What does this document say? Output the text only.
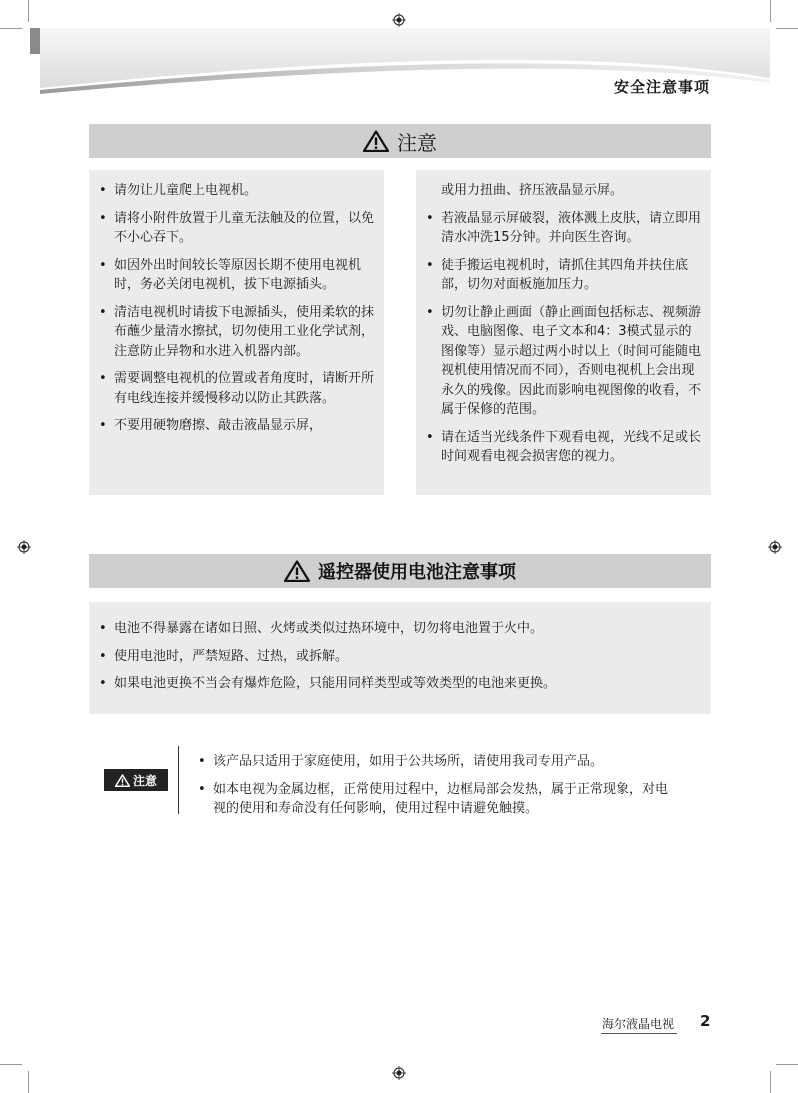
安全注意事项
注意
• 请勿让儿童爬上电视机。
• 请将小附件放置于儿童无法触及的位置，以免不小心吞下。
• 如因外出时间较长等原因长期不使用电视机时，务必关闭电视机，拔下电源插头。
• 清洁电视机时请拔下电源插头，使用柔软的抹布蘸少量清水擦拭，切勿使用工业化学试剂，注意防止异物和水进入机器内部。
• 需要调整电视机的位置或者角度时，请断开所有电线连接并缓慢移动以防止其跌落。
• 不要用硬物磨擦、敲击液晶显示屏，
或用力扭曲、挤压液晶显示屏。
• 若液晶显示屏破裂，液体溅上皮肤，请立即用清水冲洗15分钟。并向医生咨询。
• 徒手搬运电视机时，请抓住其四角并扶住底部，切勿对面板施加压力。
• 切勿让静止画面（静止画面包括标志、视频游戏、电脑图像、电子文本和4：3模式显示的图像等）显示超过两小时以上（时间可能随电视机使用情况而不同），否则电视机上会出现永久的残像。因此而影响电视图像的收看，不属于保修的范围。
• 请在适当光线条件下观看电视，光线不足或长时间观看电视会损害您的视力。
遥控器使用电池注意事项
• 电池不得暴露在诸如日照、火烤或类似过热环境中，切勿将电池置于火中。
• 使用电池时，严禁短路、过热，或拆解。
• 如果电池更换不当会有爆炸危险，只能用同样类型或等效类型的电池来更换。
注意
• 该产品只适用于家庭使用，如用于公共场所，请使用我司专用产品。
• 如本电视为金属边框，正常使用过程中，边框局部会发热，属于正常现象，对电视的使用和寿命没有任何影响，使用过程中请避免触摸。
海尔液晶电视 2
